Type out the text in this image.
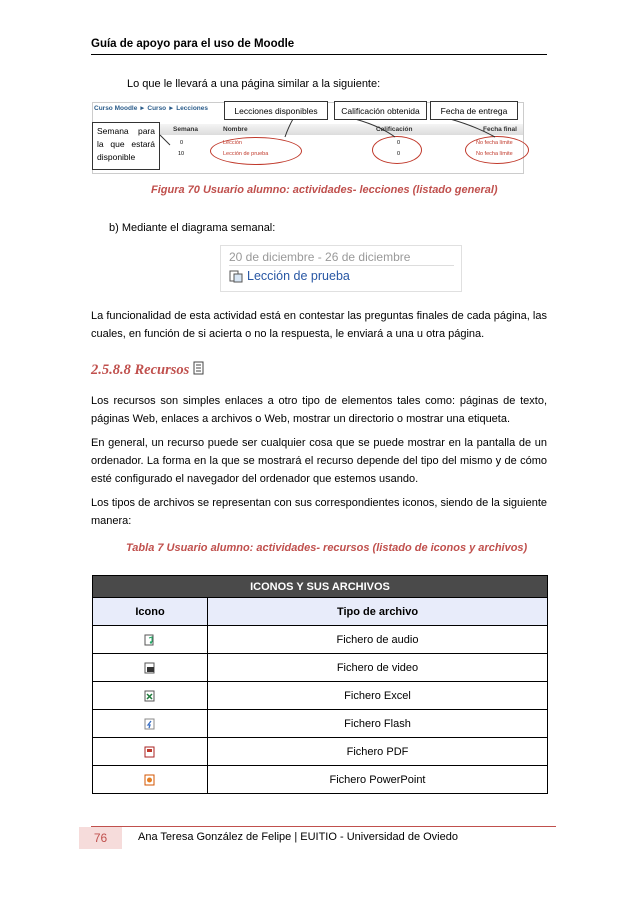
Guía de apoyo para el uso de Moodle
Lo que le llevará a una página similar a la siguiente:
Curso Moodle ► Curso ► Lecciones
Semana	Nombre	Calificación	Fecha final
0	Lección	0	No fecha límite
10	Lección de prueba	0	No fecha límite
Lecciones disponibles	Calificación obtenida	Fecha de entrega
Semana para la que estará disponible
Figura 70 Usuario alumno: actividades- lecciones (listado general)
b) Mediante el diagrama semanal:
20 de diciembre - 26 de diciembre
Lección de prueba
La funcionalidad de esta actividad está en contestar las preguntas finales de cada página, las cuales, en función de si acierta o no la respuesta, le enviará a una u otra página.
2.5.8.8 Recursos
Los recursos son simples enlaces a otro tipo de elementos tales como: páginas de texto, páginas Web, enlaces a archivos o Web, mostrar un directorio o mostrar una etiqueta.
En general, un recurso puede ser cualquier cosa que se puede mostrar en la pantalla de un ordenador. La forma en la que se mostrará el recurso depende del tipo del mismo y de cómo esté configurado el navegador del ordenador que estemos usando.
Los tipos de archivos se representan con sus correspondientes iconos, siendo de la siguiente manera:
Tabla 7 Usuario alumno: actividades- recursos (listado de iconos y archivos)
ICONOS Y SUS ARCHIVOS	
Icono	Tipo de archivo
	Fichero de audio
	Fichero de video
	Fichero Excel
	Fichero Flash
	Fichero PDF
	Fichero PowerPoint
76	Ana Teresa González de Felipe | EUITIO - Universidad de Oviedo
